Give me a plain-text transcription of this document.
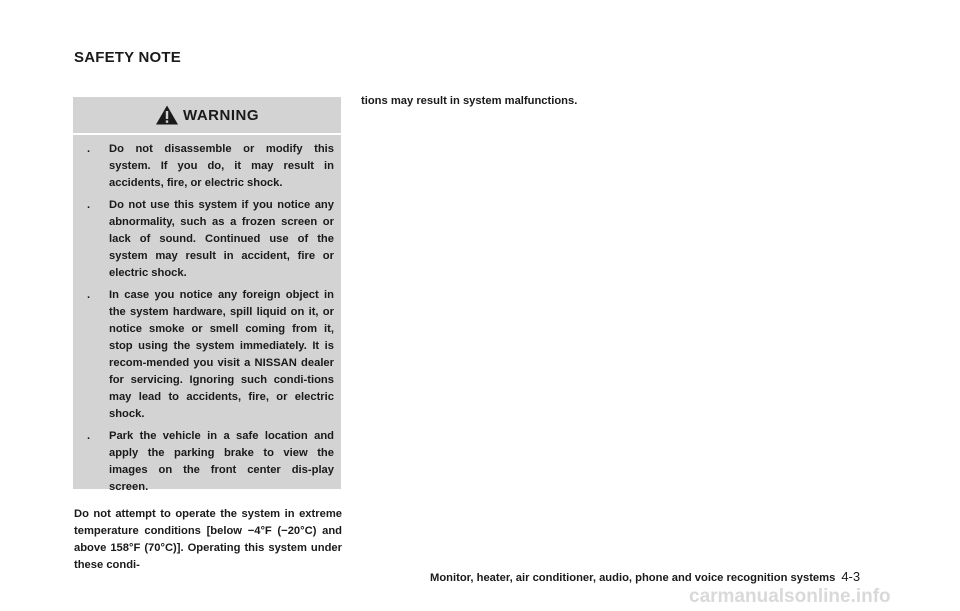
SAFETY NOTE
WARNING
. Do not disassemble or modify this system. If you do, it may result in accidents, fire, or electric shock.
. Do not use this system if you notice any abnormality, such as a frozen screen or lack of sound. Continued use of the system may result in accident, fire or electric shock.
. In case you notice any foreign object in the system hardware, spill liquid on it, or notice smoke or smell coming from it, stop using the system immediately. It is recom-mended you visit a NISSAN dealer for servicing. Ignoring such condi-tions may lead to accidents, fire, or electric shock.
. Park the vehicle in a safe location and apply the parking brake to view the images on the front center dis-play screen.

Do not attempt to operate the system in extreme temperature conditions [below −4°F (−20°C) and above 158°F (70°C)]. Operating this system under these condi-

tions may result in system malfunctions.

Monitor, heater, air conditioner, audio, phone and voice recognition systems 4-3
carmanualsonline.info
